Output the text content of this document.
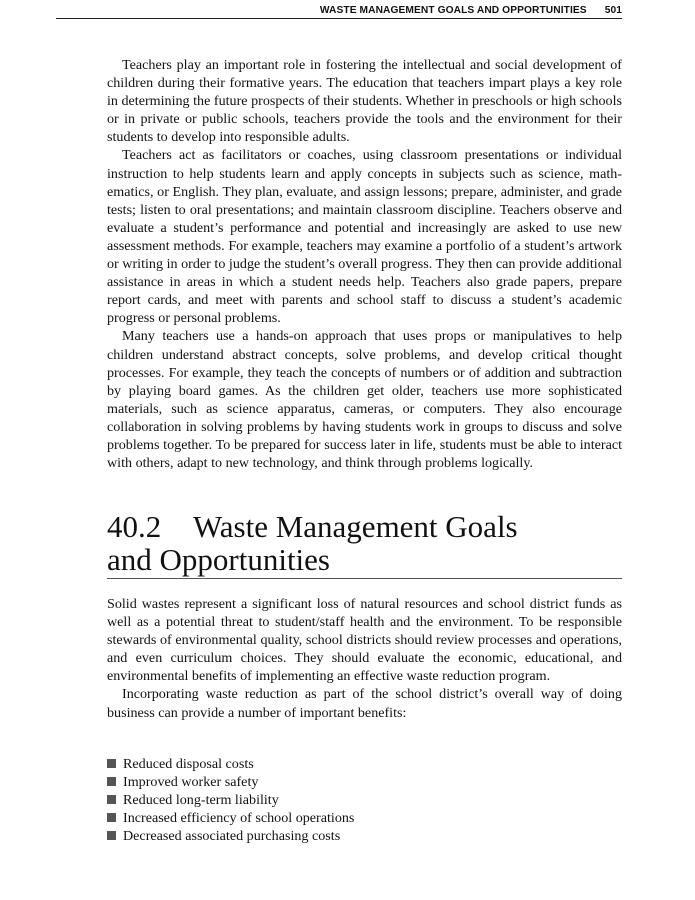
WASTE MANAGEMENT GOALS AND OPPORTUNITIES 501

Teachers play an important role in fostering the intellectual and social development of children during their formative years. The education that teachers impart plays a key role in determining the future prospects of their students. Whether in preschools or high schools or in private or public schools, teachers provide the tools and the environment for their students to develop into responsible adults.

Teachers act as facilitators or coaches, using classroom presentations or individual instruction to help students learn and apply concepts in subjects such as science, mathematics, or English. They plan, evaluate, and assign lessons; prepare, administer, and grade tests; listen to oral presentations; and maintain classroom discipline. Teachers observe and evaluate a student’s performance and potential and increasingly are asked to use new assessment methods. For example, teachers may examine a portfolio of a student’s artwork or writing in order to judge the student’s overall progress. They then can provide additional assistance in areas in which a student needs help. Teachers also grade papers, prepare report cards, and meet with parents and school staff to discuss a student’s academic progress or personal problems.

Many teachers use a hands-on approach that uses props or manipulatives to help children understand abstract concepts, solve problems, and develop critical thought processes. For example, they teach the concepts of numbers or of addition and subtraction by playing board games. As the children get older, teachers use more sophisticated materials, such as science apparatus, cameras, or computers. They also encourage collaboration in solving problems by having students work in groups to discuss and solve problems together. To be prepared for success later in life, students must be able to interact with others, adapt to new technology, and think through problems logically.

40.2 Waste Management Goals
and Opportunities

Solid wastes represent a significant loss of natural resources and school district funds as well as a potential threat to student/staff health and the environment. To be responsible stewards of environmental quality, school districts should review processes and operations, and even curriculum choices. They should evaluate the economic, educational, and environmental benefits of implementing an effective waste reduction program.

Incorporating waste reduction as part of the school district’s overall way of doing business can provide a number of important benefits:

Reduced disposal costs
Improved worker safety
Reduced long-term liability
Increased efficiency of school operations
Decreased associated purchasing costs
